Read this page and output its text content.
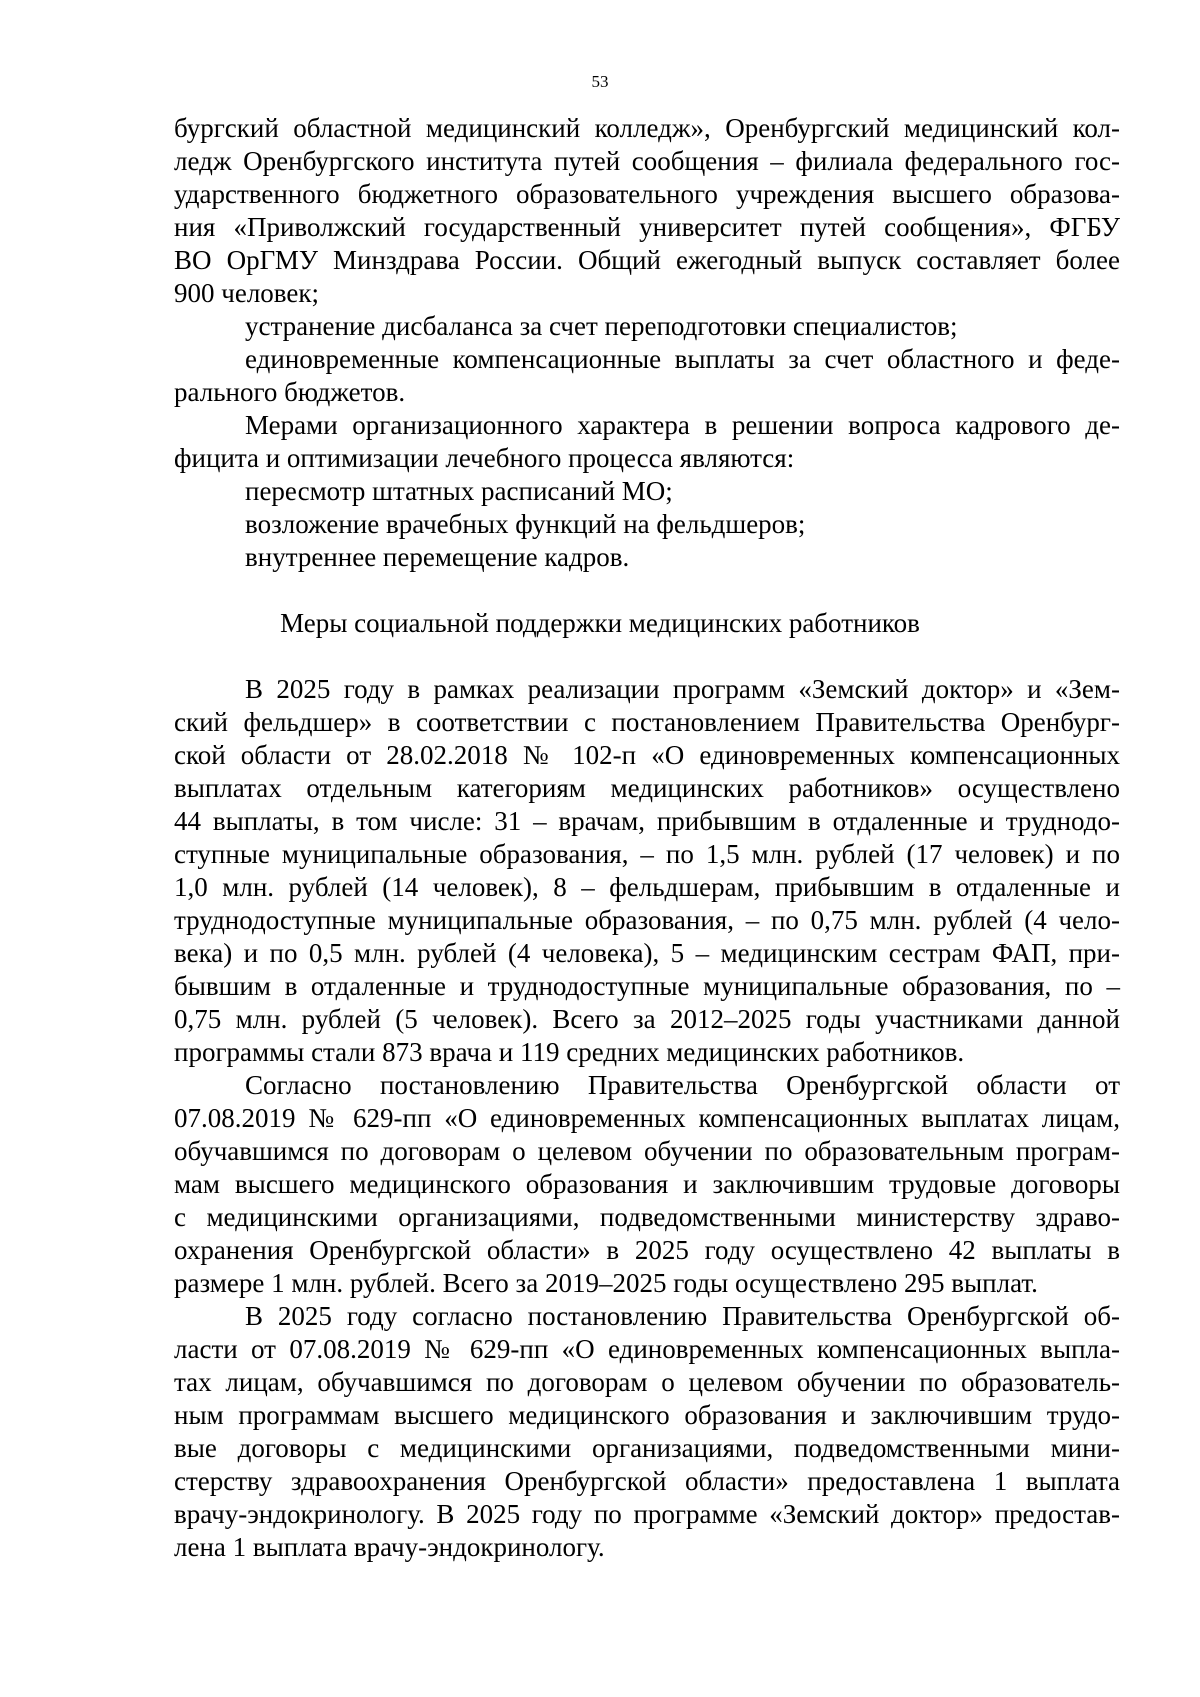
53
бургский областной медицинский колледж», Оренбургский медицинский кол-
ледж Оренбургского института путей сообщения – филиала федерального гос-
ударственного бюджетного образовательного учреждения высшего образова-
ния «Приволжский государственный университет путей сообщения», ФГБУ
ВО ОрГМУ Минздрава России. Общий ежегодный выпуск составляет более
900 человек;
устранение дисбаланса за счет переподготовки специалистов;
единовременные компенсационные выплаты за счет областного и феде-
рального бюджетов.
Мерами организационного характера в решении вопроса кадрового де-
фицита и оптимизации лечебного процесса являются:
пересмотр штатных расписаний МО;
возложение врачебных функций на фельдшеров;
внутреннее перемещение кадров.
Меры социальной поддержки медицинских работников
В 2025 году в рамках реализации программ «Земский доктор» и «Зем-
ский фельдшер» в соответствии с постановлением Правительства Оренбург-
ской области от 28.02.2018 № 102-п «О единовременных компенсационных
выплатах отдельным категориям медицинских работников» осуществлено
44 выплаты, в том числе: 31 – врачам, прибывшим в отдаленные и труднодо-
ступные муниципальные образования, – по 1,5 млн. рублей (17 человек) и по
1,0 млн. рублей (14 человек), 8 – фельдшерам, прибывшим в отдаленные и
труднодоступные муниципальные образования, – по 0,75 млн. рублей (4 чело-
века) и по 0,5 млн. рублей (4 человека), 5 – медицинским сестрам ФАП, при-
бывшим в отдаленные и труднодоступные муниципальные образования, по –
0,75 млн. рублей (5 человек). Всего за 2012–2025 годы участниками данной
программы стали 873 врача и 119 средних медицинских работников.
Согласно постановлению Правительства Оренбургской области от
07.08.2019 № 629-пп «О единовременных компенсационных выплатах лицам,
обучавшимся по договорам о целевом обучении по образовательным програм-
мам высшего медицинского образования и заключившим трудовые договоры
с медицинскими организациями, подведомственными министерству здраво-
охранения Оренбургской области» в 2025 году осуществлено 42 выплаты в
размере 1 млн. рублей. Всего за 2019–2025 годы осуществлено 295 выплат.
В 2025 году согласно постановлению Правительства Оренбургской об-
ласти от 07.08.2019 № 629-пп «О единовременных компенсационных выпла-
тах лицам, обучавшимся по договорам о целевом обучении по образователь-
ным программам высшего медицинского образования и заключившим трудо-
вые договоры с медицинскими организациями, подведомственными мини-
стерству здравоохранения Оренбургской области» предоставлена 1 выплата
врачу-эндокринологу. В 2025 году по программе «Земский доктор» предостав-
лена 1 выплата врачу-эндокринологу.
